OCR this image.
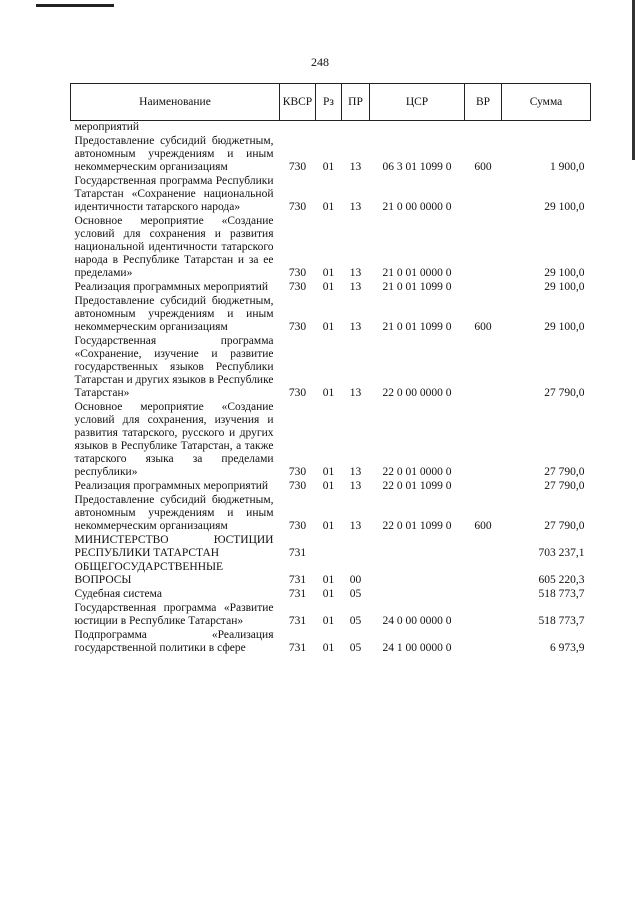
248
Наименование	КВСР	Рз	ПР	ЦСР	ВР	Сумма
мероприятий						
Предоставление субсидий бюджетным, автономным учреждениям и иным некоммерческим организациям	730	01	13	06 3 01 1099 0	600	1 900,0
Государственная программа Республики Татарстан «Сохранение национальной идентичности татарского народа»	730	01	13	21 0 00 0000 0		29 100,0
Основное мероприятие «Создание условий для сохранения и развития национальной идентичности татарского народа в Республике Татарстан и за ее пределами»	730	01	13	21 0 01 0000 0		29 100,0
Реализация программных мероприятий	730	01	13	21 0 01 1099 0		29 100,0
Предоставление субсидий бюджетным, автономным учреждениям и иным некоммерческим организациям	730	01	13	21 0 01 1099 0	600	29 100,0
Государственная программа «Сохранение, изучение и развитие государственных языков Республики Татарстан и других языков в Республике Татарстан»	730	01	13	22 0 00 0000 0		27 790,0
Основное мероприятие «Создание условий для сохранения, изучения и развития татарского, русского и других языков в Республике Татарстан, а также татарского языка за пределами республики»	730	01	13	22 0 01 0000 0		27 790,0
Реализация программных мероприятий	730	01	13	22 0 01 1099 0		27 790,0
Предоставление субсидий бюджетным, автономным учреждениям и иным некоммерческим организациям	730	01	13	22 0 01 1099 0	600	27 790,0
МИНИСТЕРСТВО ЮСТИЦИИ РЕСПУБЛИКИ ТАТАРСТАН	731					703 237,1
ОБЩЕГОСУДАРСТВЕННЫЕ ВОПРОСЫ	731	01	00			605 220,3
Судебная система	731	01	05			518 773,7
Государственная программа «Развитие юстиции в Республике Татарстан»	731	01	05	24 0 00 0000 0		518 773,7
Подпрограмма «Реализация государственной политики в сфере	731	01	05	24 1 00 0000 0		6 973,9
